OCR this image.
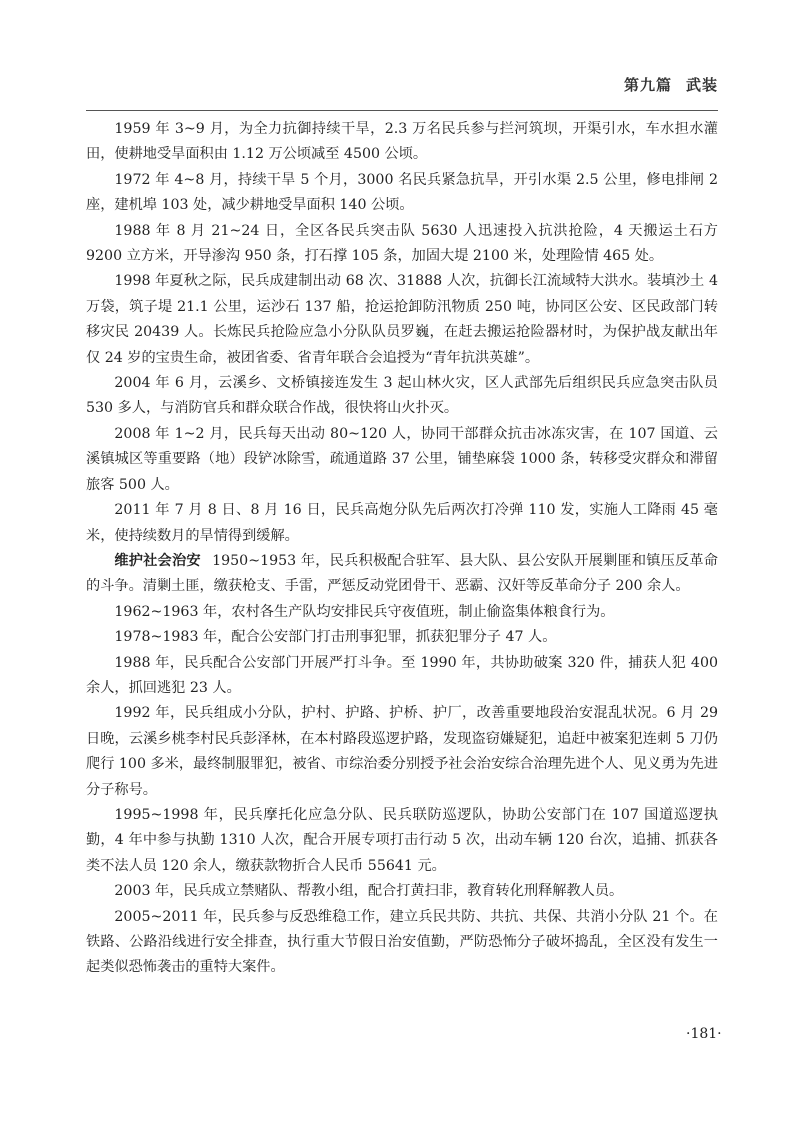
第九篇 武装

1959 年 3~9 月，为全力抗御持续干旱，2.3 万名民兵参与拦河筑坝，开渠引水，车水担水灌田，使耕地受旱面积由 1.12 万公顷减至 4500 公顷。

1972 年 4~8 月，持续干旱 5 个月，3000 名民兵紧急抗旱，开引水渠 2.5 公里，修电排闸 2 座，建机埠 103 处，减少耕地受旱面积 140 公顷。

1988 年 8 月 21~24 日，全区各民兵突击队 5630 人迅速投入抗洪抢险，4 天搬运土石方 9200 立方米，开导渗沟 950 条，打石撑 105 条，加固大堤 2100 米，处理险情 465 处。

1998 年夏秋之际，民兵成建制出动 68 次、31888 人次，抗御长江流域特大洪水。装填沙土 4 万袋，筑子堤 21.1 公里，运沙石 137 船，抢运抢卸防汛物质 250 吨，协同区公安、区民政部门转移灾民 20439 人。长炼民兵抢险应急小分队队员罗巍，在赶去搬运抢险器材时，为保护战友献出年仅 24 岁的宝贵生命，被团省委、省青年联合会追授为“青年抗洪英雄”。

2004 年 6 月，云溪乡、文桥镇接连发生 3 起山林火灾，区人武部先后组织民兵应急突击队员 530 多人，与消防官兵和群众联合作战，很快将山火扑灭。

2008 年 1~2 月，民兵每天出动 80~120 人，协同干部群众抗击冰冻灾害，在 107 国道、云溪镇城区等重要路（地）段铲冰除雪，疏通道路 37 公里，铺垫麻袋 1000 条，转移受灾群众和滞留旅客 500 人。

2011 年 7 月 8 日、8 月 16 日，民兵高炮分队先后两次打冷弹 110 发，实施人工降雨 45 毫米，使持续数月的旱情得到缓解。

维护社会治安 1950~1953 年，民兵积极配合驻军、县大队、县公安队开展剿匪和镇压反革命的斗争。清剿土匪，缴获枪支、手雷，严惩反动党团骨干、恶霸、汉奸等反革命分子 200 余人。

1962~1963 年，农村各生产队均安排民兵守夜值班，制止偷盗集体粮食行为。

1978~1983 年，配合公安部门打击刑事犯罪，抓获犯罪分子 47 人。

1988 年，民兵配合公安部门开展严打斗争。至 1990 年，共协助破案 320 件，捕获人犯 400 余人，抓回逃犯 23 人。

1992 年，民兵组成小分队，护村、护路、护桥、护厂，改善重要地段治安混乱状况。6 月 29 日晚，云溪乡桃李村民兵彭泽林，在本村路段巡逻护路，发现盗窃嫌疑犯，追赶中被案犯连刺 5 刀仍爬行 100 多米，最终制服罪犯，被省、市综治委分别授予社会治安综合治理先进个人、见义勇为先进分子称号。

1995~1998 年，民兵摩托化应急分队、民兵联防巡逻队，协助公安部门在 107 国道巡逻执勤，4 年中参与执勤 1310 人次，配合开展专项打击行动 5 次，出动车辆 120 台次，追捕、抓获各类不法人员 120 余人，缴获款物折合人民币 55641 元。

2003 年，民兵成立禁赌队、帮教小组，配合打黄扫非，教育转化刑释解教人员。

2005~2011 年，民兵参与反恐维稳工作，建立兵民共防、共抗、共保、共消小分队 21 个。在铁路、公路沿线进行安全排查，执行重大节假日治安值勤，严防恐怖分子破坏捣乱，全区没有发生一起类似恐怖袭击的重特大案件。

·181·
